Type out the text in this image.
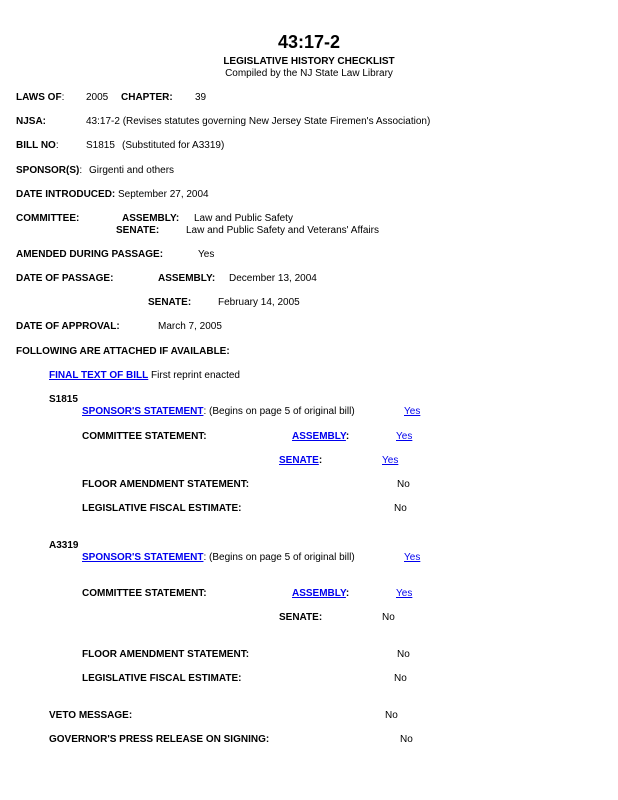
43:17-2
LEGISLATIVE HISTORY CHECKLIST
Compiled by the NJ State Law Library
LAWS OF: 2005 CHAPTER: 39
NJSA:	43:17-2 (Revises statutes governing New Jersey State Firemen's Association)
BILL NO:	S1815 (Substituted for A3319)
SPONSOR(S): Girgenti and others
DATE INTRODUCED: September 27, 2004
COMMITTEE:	ASSEMBLY: Law and Public Safety
SENATE:	Law and Public Safety and Veterans' Affairs
AMENDED DURING PASSAGE:	Yes
DATE OF PASSAGE:	ASSEMBLY: December 13, 2004
SENATE:	February 14, 2005
DATE OF APPROVAL:	March 7, 2005
FOLLOWING ARE ATTACHED IF AVAILABLE:
FINAL TEXT OF BILL First reprint enacted
S1815
SPONSOR'S STATEMENT: (Begins on page 5 of original bill)	Yes
COMMITTEE STATEMENT:	ASSEMBLY:	Yes
SENATE:	Yes
FLOOR AMENDMENT STATEMENT:	No
LEGISLATIVE FISCAL ESTIMATE:	No
A3319
SPONSOR'S STATEMENT: (Begins on page 5 of original bill)	Yes
COMMITTEE STATEMENT:	ASSEMBLY:	Yes
SENATE:	No
FLOOR AMENDMENT STATEMENT:	No
LEGISLATIVE FISCAL ESTIMATE:	No
VETO MESSAGE:	No
GOVERNOR'S PRESS RELEASE ON SIGNING:	No
